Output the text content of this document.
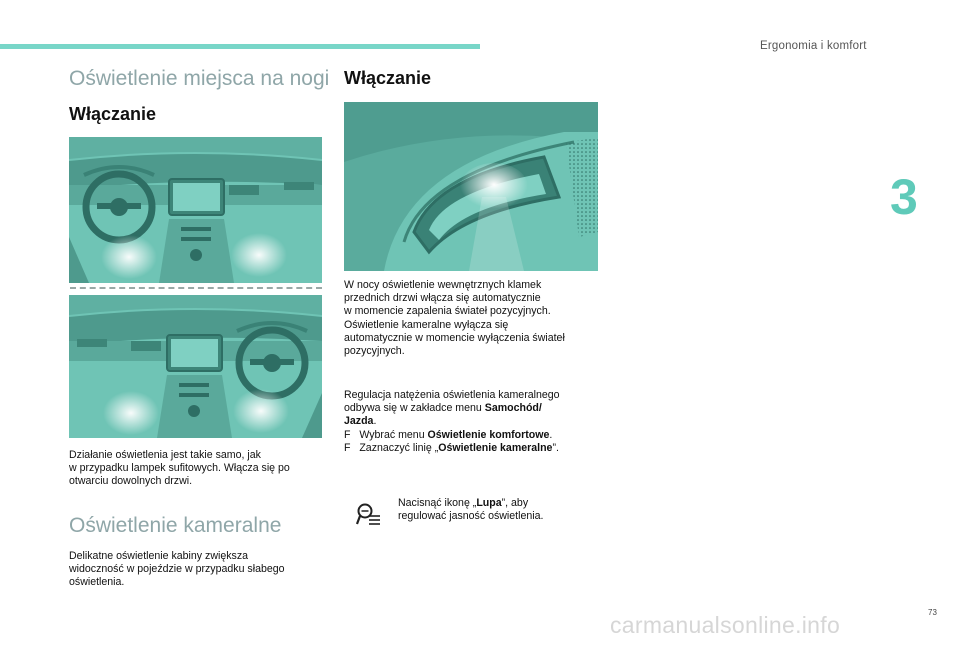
Ergonomia i komfort
3
Oświetlenie miejsca na nogi
Włączanie
Działanie oświetlenia jest takie samo, jak
w przypadku lampek sufitowych. Włącza się po
otwarciu dowolnych drzwi.
Oświetlenie kameralne
Delikatne oświetlenie kabiny zwiększa
widoczność w pojeździe w przypadku słabego
oświetlenia.
Włączanie
W nocy oświetlenie wewnętrznych klamek
przednich drzwi włącza się automatycznie
w momencie zapalenia świateł pozycyjnych.
Oświetlenie kameralne wyłącza się
automatycznie w momencie wyłączenia świateł
pozycyjnych.
Regulacja natężenia oświetlenia kameralnego
odbywa się w zakładce menu Samochód/
Jazda.
F Wybrać menu Oświetlenie komfortowe.
F Zaznaczyć linię „Oświetlenie kameralne”.
Nacisnąć ikonę „Lupa”, aby
regulować jasność oświetlenia.
73
carmanualsonline.info
